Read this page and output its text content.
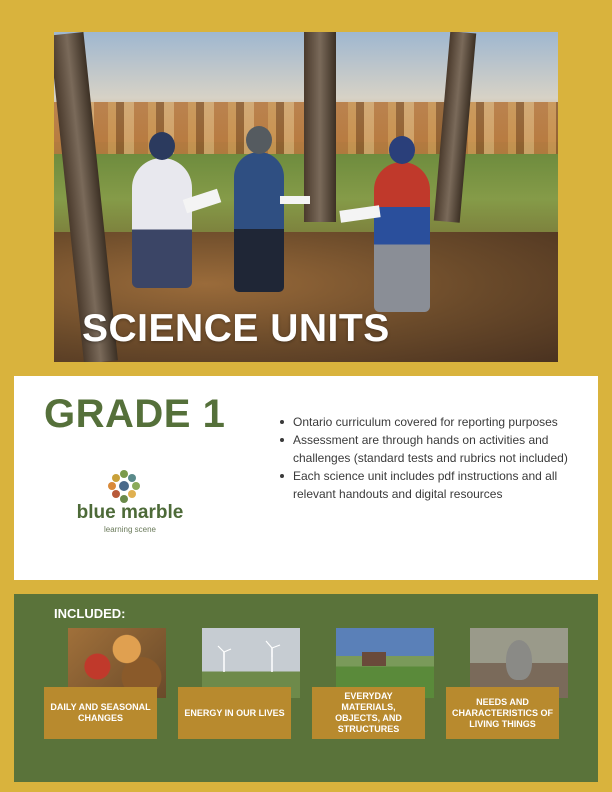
SCIENCE UNITS
GRADE 1
blue marble
learning scene
Ontario curriculum covered for reporting purposes
Assessment are through hands on activities and challenges (standard tests and rubrics not included)
Each science unit includes pdf instructions and all relevant handouts and digital resources
INCLUDED:
DAILY AND SEASONAL CHANGES
ENERGY IN OUR LIVES
EVERYDAY MATERIALS, OBJECTS, AND STRUCTURES
NEEDS AND CHARACTERISTICS OF LIVING THINGS
